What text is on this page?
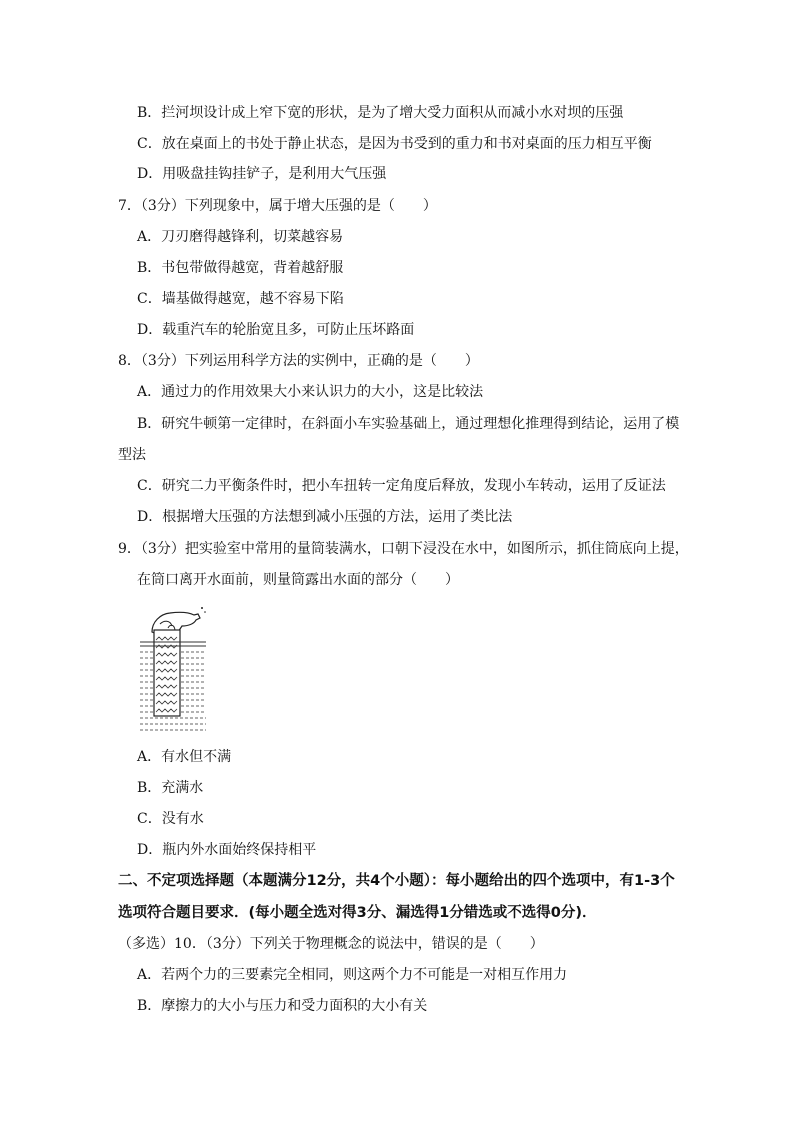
B．拦河坝设计成上窄下宽的形状，是为了增大受力面积从而减小水对坝的压强
C．放在桌面上的书处于静止状态，是因为书受到的重力和书对桌面的压力相互平衡
D．用吸盘挂钩挂铲子，是利用大气压强
7．（3分）下列现象中，属于增大压强的是（　　）
A．刀刃磨得越锋利，切菜越容易
B．书包带做得越宽，背着越舒服
C．墙基做得越宽，越不容易下陷
D．载重汽车的轮胎宽且多，可防止压坏路面
8．（3分）下列运用科学方法的实例中，正确的是（　　）
A．通过力的作用效果大小来认识力的大小，这是比较法
B．研究牛顿第一定律时，在斜面小车实验基础上，通过理想化推理得到结论，运用了模
型法
C．研究二力平衡条件时，把小车扭转一定角度后释放，发现小车转动，运用了反证法
D．根据增大压强的方法想到减小压强的方法，运用了类比法
9．（3分）把实验室中常用的量筒装满水，口朝下浸没在水中，如图所示，抓住筒底向上提，
在筒口离开水面前，则量筒露出水面的部分（　　）
A．有水但不满
B．充满水
C．没有水
D．瓶内外水面始终保持相平
二、不定项选择题（本题满分12分，共4个小题）：每小题给出的四个选项中，有1-3个
选项符合题目要求．(每小题全选对得3分、漏选得1分错选或不选得0分)．
（多选）10．（3分）下列关于物理概念的说法中，错误的是（　　）
A．若两个力的三要素完全相同，则这两个力不可能是一对相互作用力
B．摩擦力的大小与压力和受力面积的大小有关
